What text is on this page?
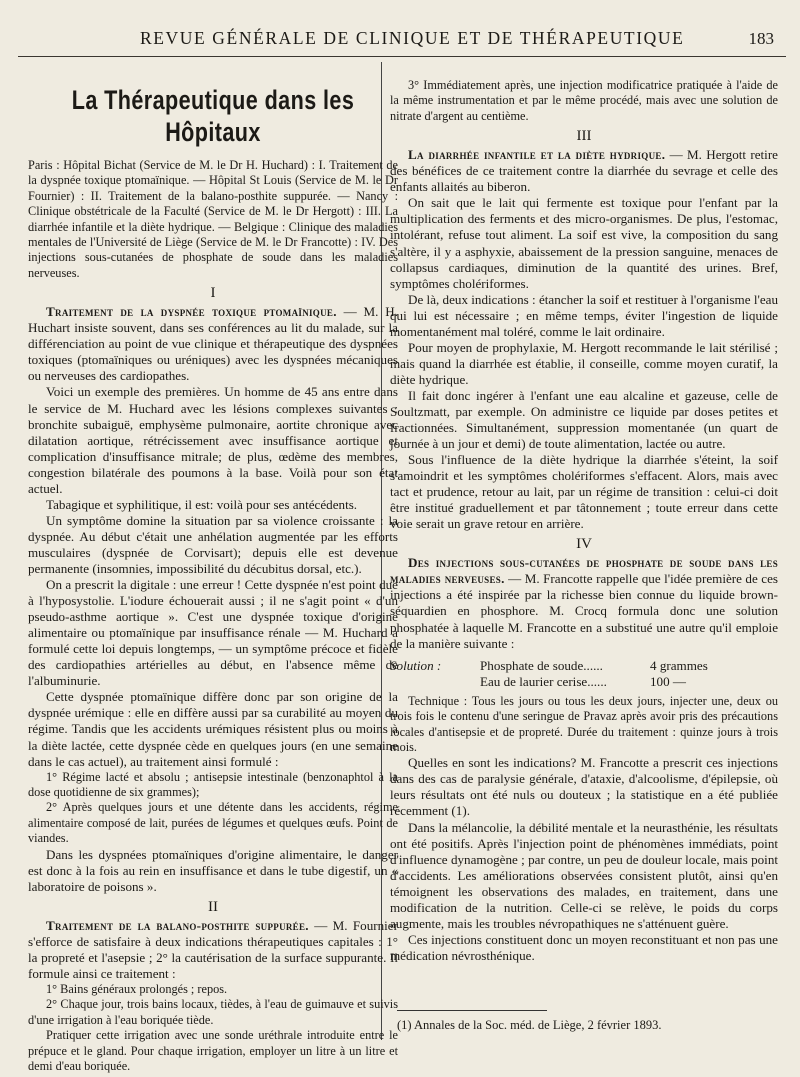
REVUE GÉNÉRALE DE CLINIQUE ET DE THÉRAPEUTIQUE	183
La Thérapeutique dans les Hôpitaux

Paris : Hôpital Bichat (Service de M. le Dr H. Huchard) : I. Traitement de la dyspnée toxique ptomaïnique. — Hôpital St Louis (Service de M. le Dr Fournier) : II. Traitement de la balano-posthite suppurée. — Nancy : Clinique obstétricale de la Faculté (Service de M. le Dr Hergott) : III. La diarrhée infantile et la diète hydrique. — Belgique : Clinique des maladies mentales de l'Université de Liège (Service de M. le Dr Francotte) : IV. Des injections sous-cutanées de phosphate de soude dans les maladies nerveuses.

I

Traitement de la dyspnée toxique ptomaïnique. — M. H. Huchart insiste souvent, dans ses conférences au lit du malade, sur la différenciation au point de vue clinique et thérapeutique des dyspnées toxiques (ptomaïniques ou uréniques) avec les dyspnées mécaniques ou nerveuses des cardiopathes.

Voici un exemple des premières. Un homme de 45 ans entre dans le service de M. Huchard avec les lésions complexes suivantes : bronchite subaiguë, emphysème pulmonaire, aortite chronique avec dilatation aortique, rétrécissement avec insuffisance aortique et complication d'insuffisance mitrale; de plus, œdème des membres, congestion bilatérale des poumons à la base. Voilà pour son état actuel.

Tabagique et syphilitique, il est: voilà pour ses antécédents.

Un symptôme domine la situation par sa violence croissante : la dyspnée. Au début c'était une anhélation augmentée par les efforts musculaires (dyspnée de Corvisart); depuis elle est devenue permanente (insomnies, impossibilité du décubitus dorsal, etc.).

On a prescrit la digitale : une erreur ! Cette dyspnée n'est point due à l'hyposystolie. L'iodure échouerait aussi ; il ne s'agit point « d'un pseudo-asthme aortique ». C'est une dyspnée toxique d'origine alimentaire ou ptomaïnique par insuffisance rénale — M. Huchard a formulé cette loi depuis longtemps, — un symptôme précoce et fidèle des cardiopathies artérielles au début, en l'absence même de l'albuminurie.

Cette dyspnée ptomaïnique diffère donc par son origine de la dyspnée urémique : elle en diffère aussi par sa curabilité au moyen du régime. Tandis que les accidents urémiques résistent plus ou moins à la diète lactée, cette dyspnée cède en quelques jours (en une semaine dans le cas actuel), au traitement ainsi formulé :

1° Régime lacté et absolu ; antisepsie intestinale (benzonaphtol à la dose quotidienne de six grammes);

2° Après quelques jours et une détente dans les accidents, régime alimentaire composé de lait, purées de légumes et quelques œufs. Point de viandes.

Dans les dyspnées ptomaïniques d'origine alimentaire, le danger est donc à la fois au rein en insuffisance et dans le tube digestif, un « laboratoire de poisons ».

II

Traitement de la balano-posthite suppurée. — M. Fournier s'efforce de satisfaire à deux indications thérapeutiques capitales : 1° la propreté et l'asepsie ; 2° la cautérisation de la surface suppurante. Il formule ainsi ce traitement :

1° Bains généraux prolongés ; repos.

2° Chaque jour, trois bains locaux, tièdes, à l'eau de guimauve et suivis d'une irrigation à l'eau boriquée tiède.

Pratiquer cette irrigation avec une sonde uréthrale introduite entre le prépuce et le gland. Pour chaque irrigation, employer un litre à un litre et demi d'eau boriquée.

3° Immédiatement après, une injection modificatrice pratiquée à l'aide de la même instrumentation et par le même procédé, mais avec une solution de nitrate d'argent au centième.

III

La diarrhée infantile et la diète hydrique. — M. Hergott retire des bénéfices de ce traitement contre la diarrhée du sevrage et celle des enfants allaités au biberon.

On sait que le lait qui fermente est toxique pour l'enfant par la multiplication des ferments et des micro-organismes. De plus, l'estomac, intolérant, refuse tout aliment. La soif est vive, la composition du sang s'altère, il y a asphyxie, abaissement de la pression sanguine, menaces de collapsus cardiaques, diminution de la quantité des urines. Bref, symptômes cholériformes.

De là, deux indications : étancher la soif et restituer à l'organisme l'eau qui lui est nécessaire ; en même temps, éviter l'ingestion de liquide momentanément mal toléré, comme le lait ordinaire.

Pour moyen de prophylaxie, M. Hergott recommande le lait stérilisé ; mais quand la diarrhée est établie, il conseille, comme moyen curatif, la diète hydrique.

Il fait donc ingérer à l'enfant une eau alcaline et gazeuse, celle de Soultzmatt, par exemple. On administre ce liquide par doses petites et fractionnées. Simultanément, suppression momentanée (un quart de journée à un jour et demi) de toute alimentation, lactée ou autre.

Sous l'influence de la diète hydrique la diarrhée s'éteint, la soif s'amoindrit et les symptômes cholériformes s'effacent. Alors, mais avec tact et prudence, retour au lait, par un régime de transition : celui-ci doit être institué graduellement et par tâtonnement ; toute erreur dans cette voie serait un grave retour en arrière.

IV

Des injections sous-cutanées de phosphate de soude dans les maladies nerveuses. — M. Francotte rappelle que l'idée première de ces injections a été inspirée par la richesse bien connue du liquide brown-séquardien en phosphore. M. Crocq formula donc une solution phosphatée à laquelle M. Francotte en a substitué une autre qu'il emploie de la manière suivante :

Solution :	Phosphate de soude......	4 grammes
Eau de laurier cerise......	100 —

Technique : Tous les jours ou tous les deux jours, injecter une, deux ou trois fois le contenu d'une seringue de Pravaz après avoir pris des précautions locales d'antisepsie et de propreté. Durée du traitement : quinze jours à trois mois.

Quelles en sont les indications? M. Francotte a prescrit ces injections dans des cas de paralysie générale, d'ataxie, d'alcoolisme, d'épilepsie, où leurs résultats ont été nuls ou douteux ; la statistique en a été publiée récemment (1).

Dans la mélancolie, la débilité mentale et la neurasthénie, les résultats ont été positifs. Après l'injection point de phénomènes immédiats, point d'influence dynamogène ; par contre, un peu de douleur locale, mais point d'accidents. Les améliorations observées consistent plutôt, ainsi qu'en témoignent les observations des malades, en traitement, dans une modification de la nutrition. Celle-ci se relève, le poids du corps augmente, mais les troubles névropathiques ne s'atténuent guère.

Ces injections constituent donc un moyen reconstituant et non pas une médication névrosthénique.

(1) Annales de la Soc. méd. de Liège, 2 février 1893.
